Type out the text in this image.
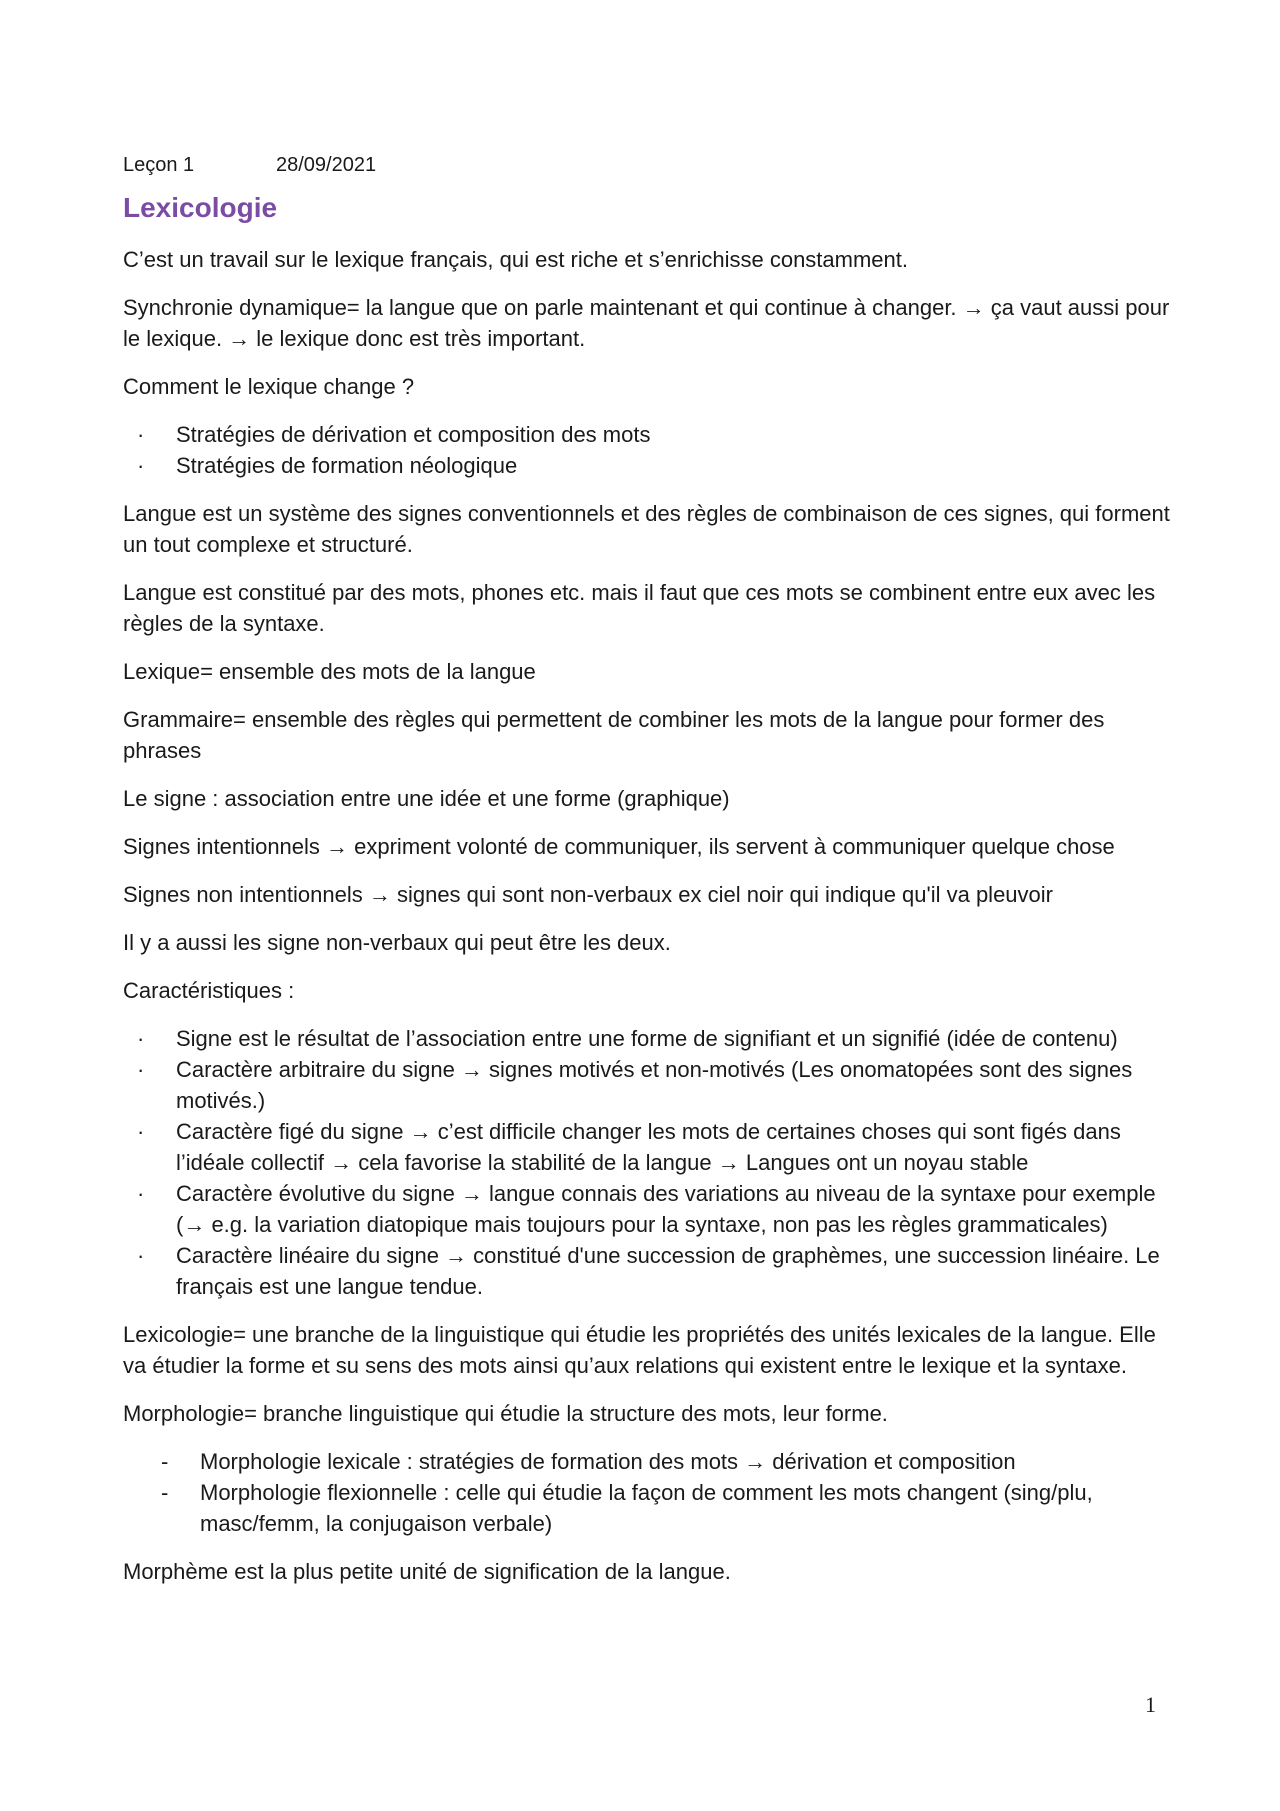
Leçon 1	28/09/2021
Lexicologie

C’est un travail sur le lexique français, qui est riche et s’enrichisse constamment.

Synchronie dynamique= la langue que on parle maintenant et qui continue à changer. → ça vaut aussi pour le lexique. → le lexique donc est très important.

Comment le lexique change ?

·	Stratégies de dérivation et composition des mots
·	Stratégies de formation néologique

Langue est un système des signes conventionnels et des règles de combinaison de ces signes, qui forment un tout complexe et structuré.

Langue est constitué par des mots, phones etc. mais il faut que ces mots se combinent entre eux avec les règles de la syntaxe.

Lexique= ensemble des mots de la langue

Grammaire= ensemble des règles qui permettent de combiner les mots de la langue pour former des phrases

Le signe : association entre une idée et une forme (graphique)

Signes intentionnels → expriment volonté de communiquer, ils servent à communiquer quelque chose

Signes non intentionnels → signes qui sont non-verbaux ex ciel noir qui indique qu'il va pleuvoir

Il y a aussi les signe non-verbaux qui peut être les deux.

Caractéristiques :

·	Signe est le résultat de l’association entre une forme de signifiant et un signifié (idée de contenu)
·	Caractère arbitraire du signe → signes motivés et non-motivés (Les onomatopées sont des signes motivés.)
·	Caractère figé du signe → c’est difficile changer les mots de certaines choses qui sont figés dans l’idéale collectif → cela favorise la stabilité de la langue → Langues ont un noyau stable
·	Caractère évolutive du signe → langue connais des variations au niveau de la syntaxe pour exemple (→ e.g. la variation diatopique mais toujours pour la syntaxe, non pas les règles grammaticales)
·	Caractère linéaire du signe → constitué d'une succession de graphèmes, une succession linéaire. Le français est une langue tendue.

Lexicologie= une branche de la linguistique qui étudie les propriétés des unités lexicales de la langue. Elle va étudier la forme et su sens des mots ainsi qu’aux relations qui existent entre le lexique et la syntaxe.

Morphologie= branche linguistique qui étudie la structure des mots, leur forme.

-	Morphologie lexicale : stratégies de formation des mots → dérivation et composition
-	Morphologie flexionnelle : celle qui étudie la façon de comment les mots changent (sing/plu, masc/femm, la conjugaison verbale)

Morphème est la plus petite unité de signification de la langue.

1
